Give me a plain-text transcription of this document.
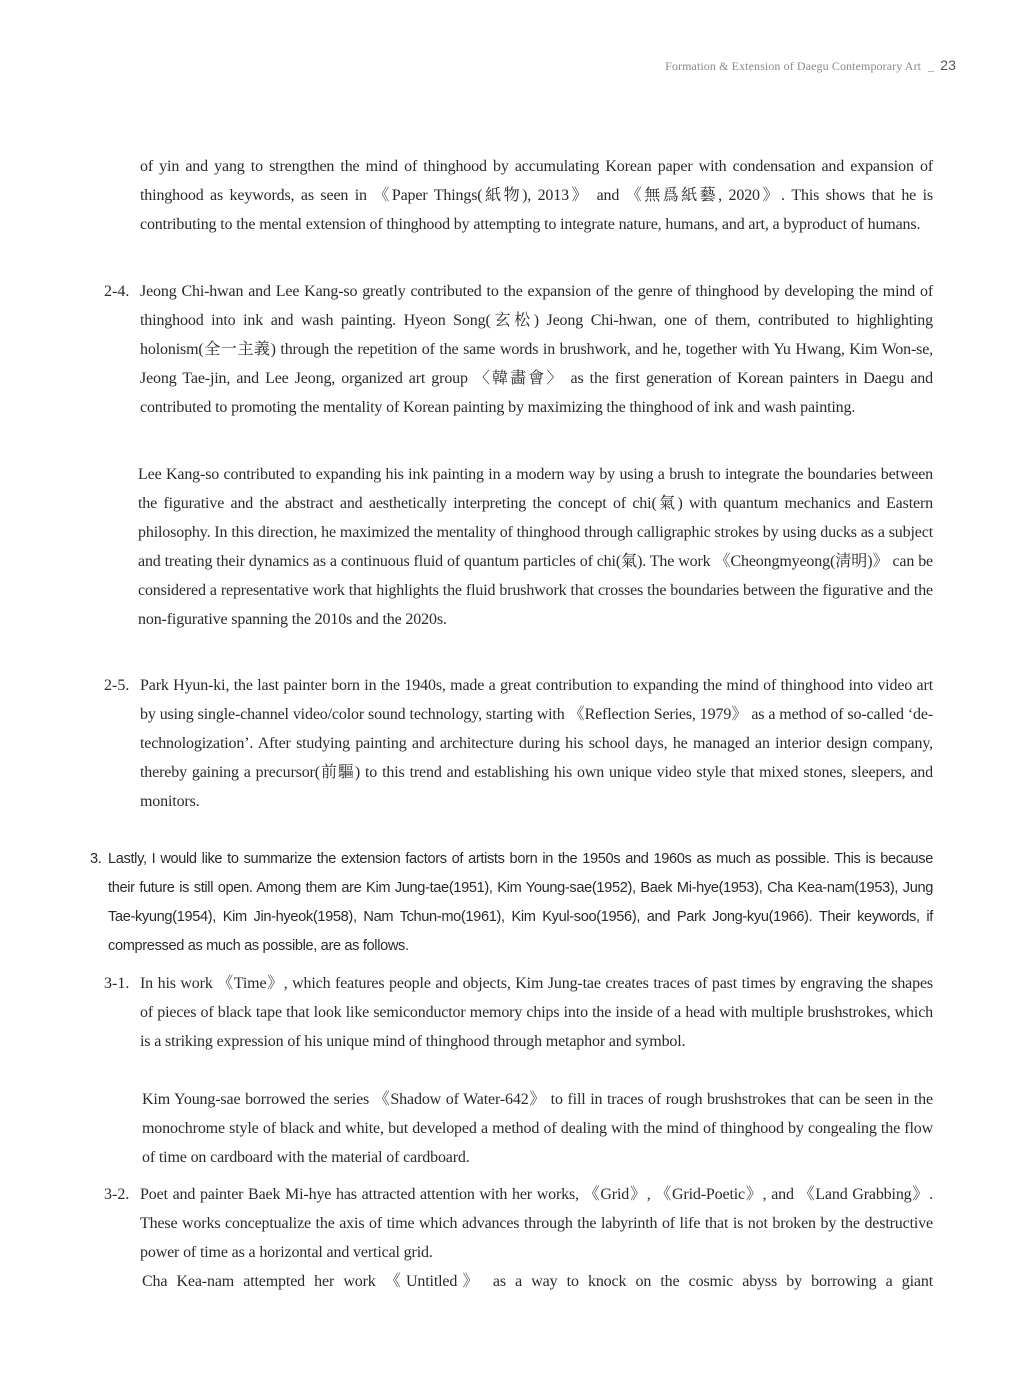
Formation & Extension of Daegu Contemporary Art _ 23

of yin and yang to strengthen the mind of thinghood by accumulating Korean paper with condensation and expansion of thinghood as keywords, as seen in 《Paper Things(紙物), 2013》 and 《無爲紙藝, 2020》. This shows that he is contributing to the mental extension of thinghood by attempting to integrate nature, humans, and art, a byproduct of humans.

2-4. Jeong Chi-hwan and Lee Kang-so greatly contributed to the expansion of the genre of thinghood by developing the mind of thinghood into ink and wash painting. Hyeon Song(玄松) Jeong Chi-hwan, one of them, contributed to highlighting holonism(全一主義) through the repetition of the same words in brushwork, and he, together with Yu Hwang, Kim Won-se, Jeong Tae-jin, and Lee Jeong, organized art group 〈韓畵會〉 as the first generation of Korean painters in Daegu and contributed to promoting the mentality of Korean painting by maximizing the thinghood of ink and wash painting.

Lee Kang-so contributed to expanding his ink painting in a modern way by using a brush to integrate the boundaries between the figurative and the abstract and aesthetically interpreting the concept of chi(氣) with quantum mechanics and Eastern philosophy. In this direction, he maximized the mentality of thinghood through calligraphic strokes by using ducks as a subject and treating their dynamics as a continuous fluid of quantum particles of chi(氣). The work 《Cheongmyeong(淸明)》 can be considered a representative work that highlights the fluid brushwork that crosses the boundaries between the figurative and the non-figurative spanning the 2010s and the 2020s.

2-5. Park Hyun-ki, the last painter born in the 1940s, made a great contribution to expanding the mind of thinghood into video art by using single-channel video/color sound technology, starting with 《Reflection Series, 1979》 as a method of so-called ‘de-technologization’. After studying painting and architecture during his school days, he managed an interior design company, thereby gaining a precursor(前驅) to this trend and establishing his own unique video style that mixed stones, sleepers, and monitors.

3. Lastly, I would like to summarize the extension factors of artists born in the 1950s and 1960s as much as possible. This is because their future is still open. Among them are Kim Jung-tae(1951), Kim Young-sae(1952), Baek Mi-hye(1953), Cha Kea-nam(1953), Jung Tae-kyung(1954), Kim Jin-hyeok(1958), Nam Tchun-mo(1961), Kim Kyul-soo(1956), and Park Jong-kyu(1966). Their keywords, if compressed as much as possible, are as follows.

3-1. In his work 《Time》, which features people and objects, Kim Jung-tae creates traces of past times by engraving the shapes of pieces of black tape that look like semiconductor memory chips into the inside of a head with multiple brushstrokes, which is a striking expression of his unique mind of thinghood through metaphor and symbol.

Kim Young-sae borrowed the series 《Shadow of Water-642》 to fill in traces of rough brushstrokes that can be seen in the monochrome style of black and white, but developed a method of dealing with the mind of thinghood by congealing the flow of time on cardboard with the material of cardboard.

3-2. Poet and painter Baek Mi-hye has attracted attention with her works, 《Grid》, 《Grid-Poetic》, and 《Land Grabbing》. These works conceptualize the axis of time which advances through the labyrinth of life that is not broken by the destructive power of time as a horizontal and vertical grid.

Cha Kea-nam attempted her work 《Untitled》 as a way to knock on the cosmic abyss by borrowing a giant
